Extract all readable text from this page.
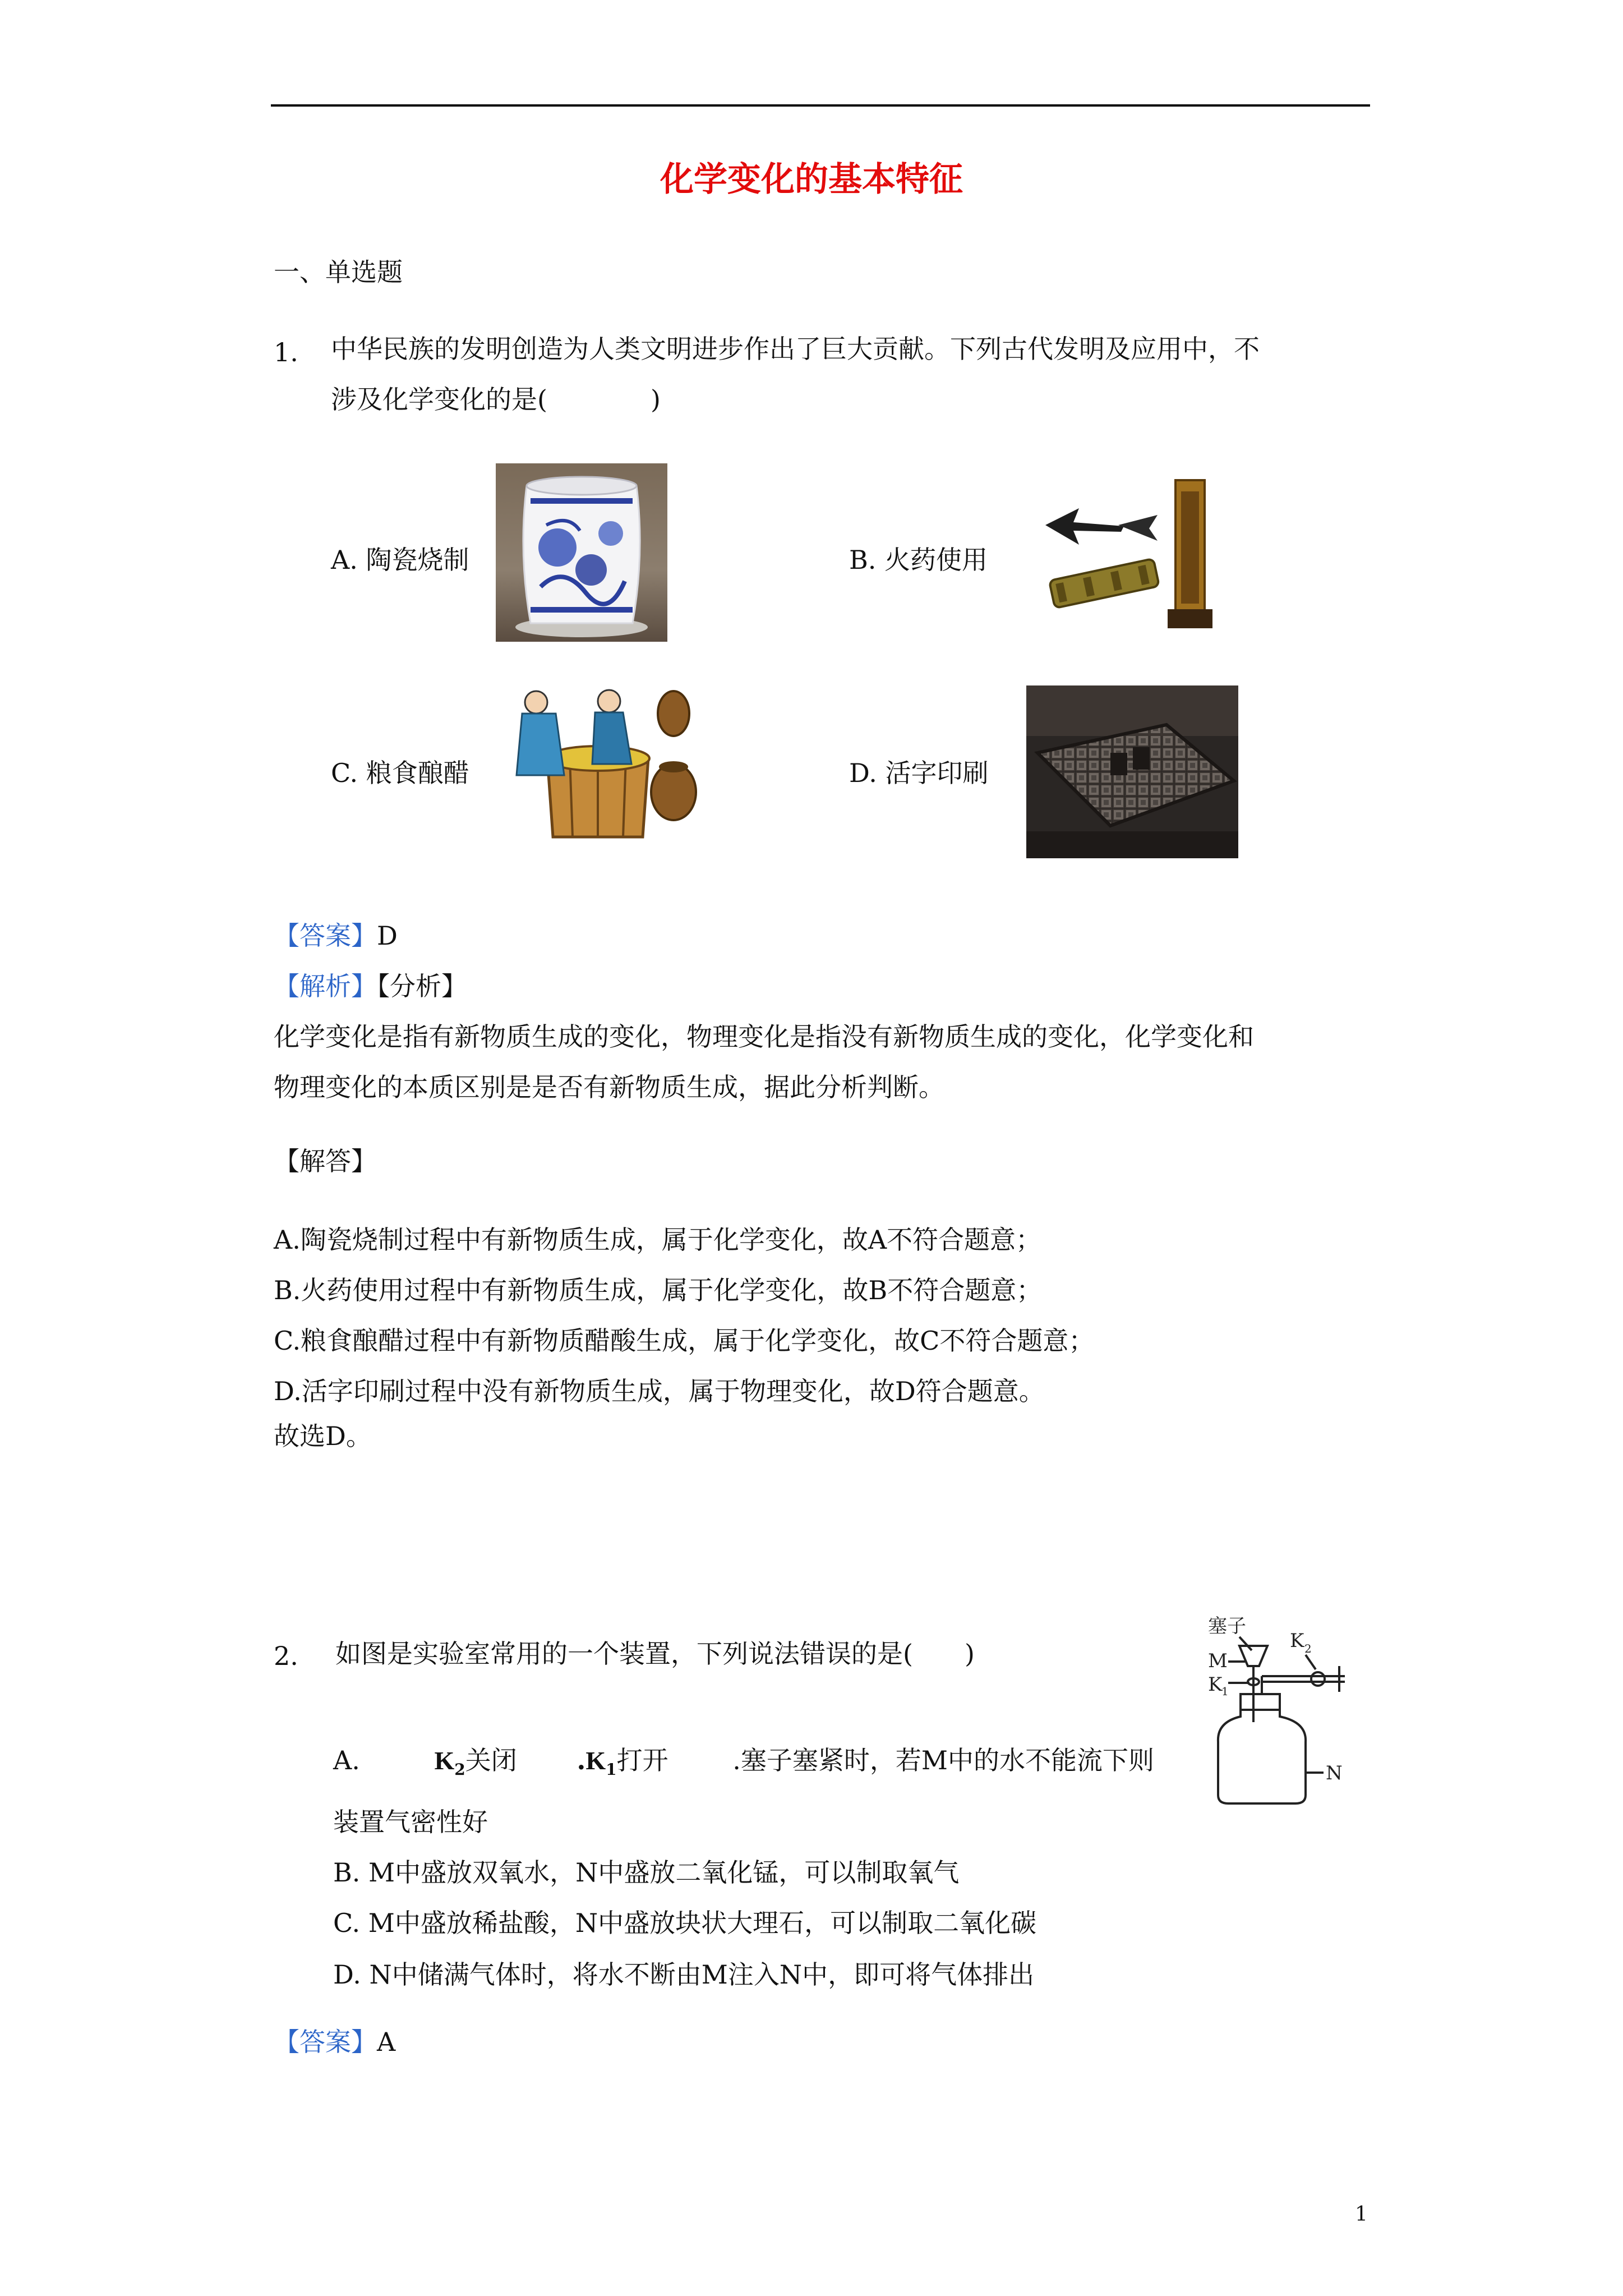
化学变化的基本特征
一、单选题
1. 中华民族的发明创造为人类文明进步作出了巨大贡献。下列古代发明及应用中，不
涉及化学变化的是(　　　　)
A. 陶瓷烧制	B. 火药使用
C. 粮食酿醋	D. 活字印刷
【答案】D
【解析】【分析】
化学变化是指有新物质生成的变化，物理变化是指没有新物质生成的变化，化学变化和
物理变化的本质区别是是否有新物质生成，据此分析判断。
【解答】
A.陶瓷烧制过程中有新物质生成，属于化学变化，故A不符合题意；
B.火药使用过程中有新物质生成，属于化学变化，故B不符合题意；
C.粮食酿醋过程中有新物质醋酸生成，属于化学变化，故C不符合题意；
D.活字印刷过程中没有新物质生成，属于物理变化，故D符合题意。
故选D。
2. 如图是实验室常用的一个装置，下列说法错误的是(　　)
A.	$K_2$关闭 $.K_1$打开 .塞子塞紧时，若M中的水不能流下则
装置气密性好
B. M中盛放双氧水，N中盛放二氧化锰，可以制取氧气
C. M中盛放稀盐酸，N中盛放块状大理石，可以制取二氧化碳
D. N中储满气体时，将水不断由M注入N中，即可将气体排出
塞子
K 2
M
K
1
N
【答案】A
1
